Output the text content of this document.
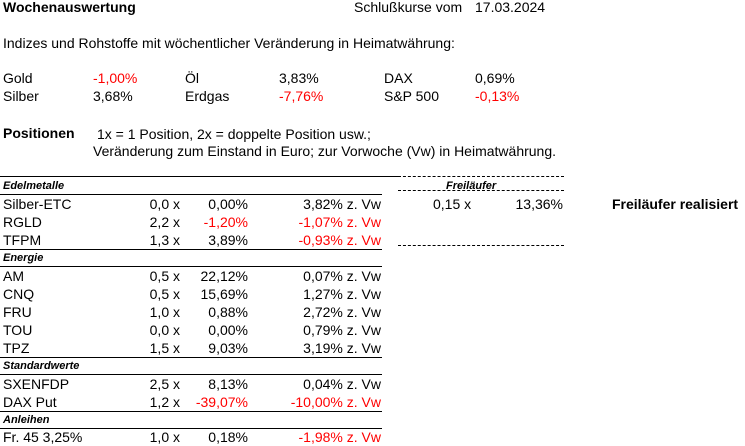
Wochenauswertung	Schlußkurse vom 17.03.2024
Indizes und Rohstoffe mit wöchentlicher Veränderung in Heimatwährung:
Gold	-1,00%	Öl	3,83%	DAX	0,69%
Silber	3,68%	Erdgas	-7,76%	S&P 500	-0,13%
Positionen 1x = 1 Position, 2x = doppelte Position usw.;
Veränderung zum Einstand in Euro; zur Vorwoche (Vw) in Heimatwährung.
Edelmetalle
Silber-ETC	0,0 x	0,00%	3,82% z. Vw
RGLD	2,2 x	-1,20%	-1,07% z. Vw
TFPM	1,3 x	3,89%	-0,93% z. Vw
Freiläufer
0,15 x	13,36%	Freiläufer realisiert
Energie
AM	0,5 x	22,12%	0,07% z. Vw
CNQ	0,5 x	15,69%	1,27% z. Vw
FRU	1,0 x	0,88%	2,72% z. Vw
TOU	0,0 x	0,00%	0,79% z. Vw
TPZ	1,5 x	9,03%	3,19% z. Vw
Standardwerte
SXENFDP	2,5 x	8,13%	0,04% z. Vw
DAX Put	1,2 x	-39,07%	-10,00% z. Vw
Anleihen
Fr. 45 3,25%	1,0 x	0,18%	-1,98% z. Vw
